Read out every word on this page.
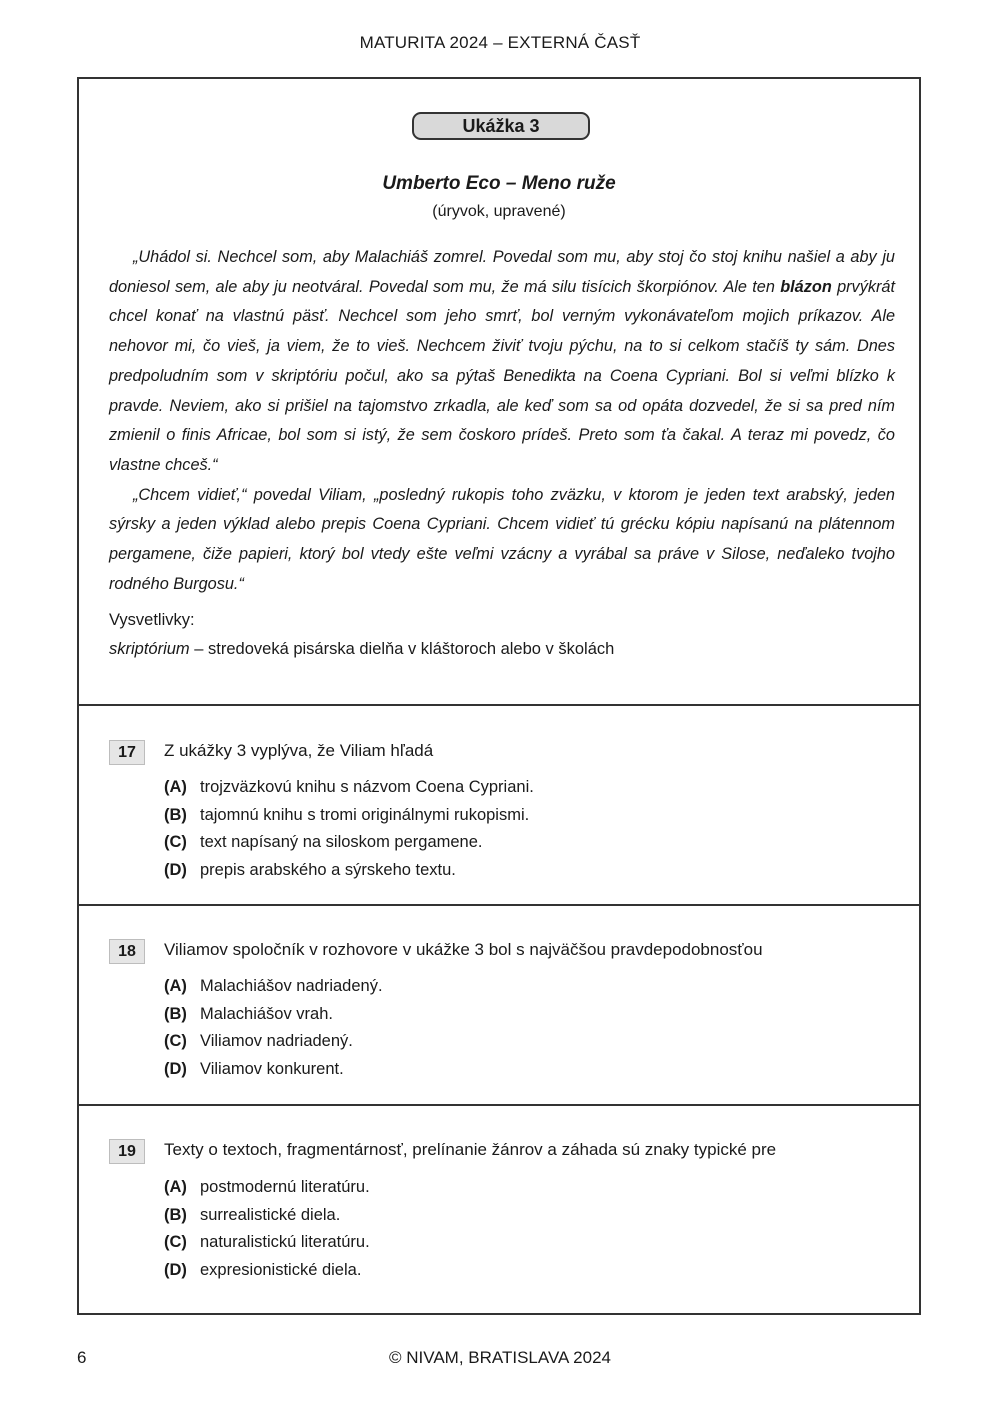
MATURITA 2024 – EXTERNÁ ČASŤ
Ukážka 3
Umberto Eco – Meno ruže
(úryvok, upravené)

„Uhádol si. Nechcel som, aby Malachiáš zomrel. Povedal som mu, aby stoj čo stoj knihu našiel a aby ju doniesol sem, ale aby ju neotváral. Povedal som mu, že má silu tisícich škorpiónov. Ale ten blázon prvýkrát chcel konať na vlastnú päsť. Nechcel som jeho smrť, bol verným vykonávateľom mojich príkazov. Ale nehovor mi, čo vieš, ja viem, že to vieš. Nechcem živiť tvoju pýchu, na to si celkom stačíš ty sám. Dnes predpoludním som v skriptóriu počul, ako sa pýtaš Benedikta na Coena Cypriani. Bol si veľmi blízko k pravde. Neviem, ako si prišiel na tajomstvo zrkadla, ale keď som sa od opáta dozvedel, že si sa pred ním zmienil o finis Africae, bol som si istý, že sem čoskoro prídeš. Preto som ťa čakal. A teraz mi povedz, čo vlastne chceš.“

„Chcem vidieť,“ povedal Viliam, „posledný rukopis toho zväzku, v ktorom je jeden text arabský, jeden sýrsky a jeden výklad alebo prepis Coena Cypriani. Chcem vidieť tú grécku kópiu napísanú na plátennom pergamene, čiže papieri, ktorý bol vtedy ešte veľmi vzácny a vyrábal sa práve v Silose, neďaleko tvojho rodného Burgosu.“

Vysvetlivky:
skriptórium – stredoveká pisárska dielňa v kláštoroch alebo v školách
17	Z ukážky 3 vyplýva, že Viliam hľadá
(A) trojzväzkovú knihu s názvom Coena Cypriani.
(B) tajomnú knihu s tromi originálnymi rukopismi.
(C) text napísaný na siloskom pergamene.
(D) prepis arabského a sýrskeho textu.
18	Viliamov spoločník v rozhovore v ukážke 3 bol s najväčšou pravdepodobnosťou
(A) Malachiášov nadriadený.
(B) Malachiášov vrah.
(C) Viliamov nadriadený.
(D) Viliamov konkurent.
19	Texty o textoch, fragmentárnosť, prelínanie žánrov a záhada sú znaky typické pre
(A) postmodernú literatúru.
(B) surrealistické diela.
(C) naturalistickú literatúru.
(D) expresionistické diela.
6	© NIVAM, BRATISLAVA 2024
